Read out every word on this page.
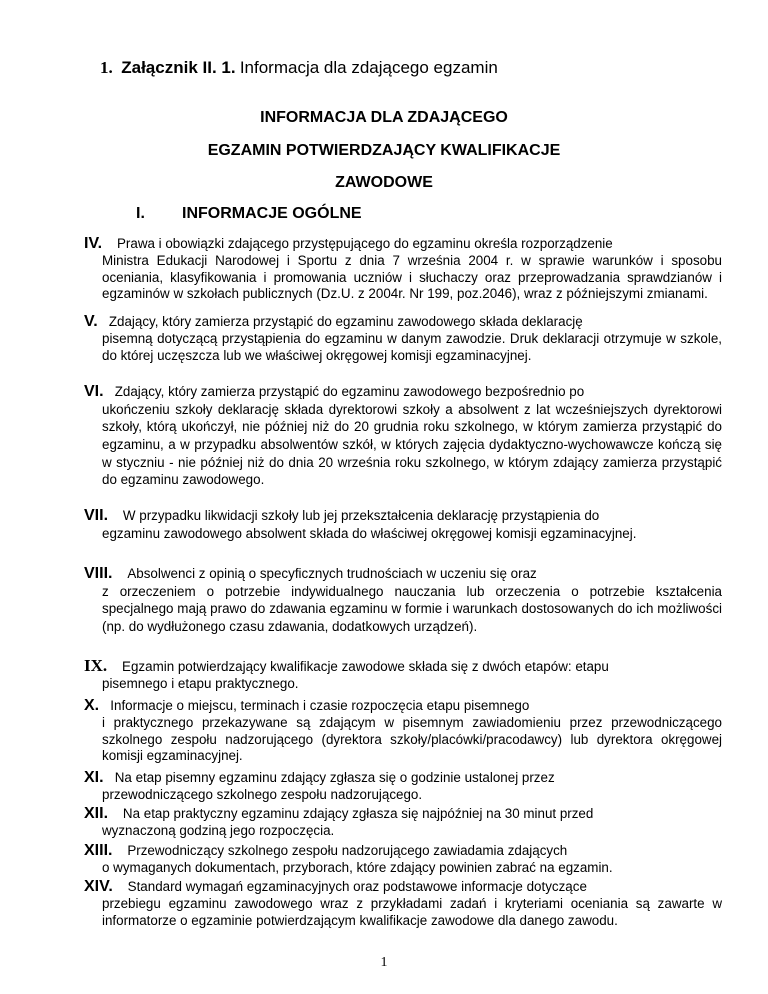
1. Załącznik II. 1. Informacja dla zdającego egzamin
INFORMACJA DLA ZDAJĄCEGO
EGZAMIN POTWIERDZAJĄCY KWALIFIKACJE
ZAWODOWE
I. INFORMACJE OGÓLNE
IV. Prawa i obowiązki zdającego przystępującego do egzaminu określa rozporządzenie
Ministra Edukacji Narodowej i Sportu z dnia 7 września 2004 r. w sprawie warunków i sposobu oceniania, klasyfikowania i promowania uczniów i słuchaczy oraz przeprowadzania sprawdzianów i egzaminów w szkołach publicznych (Dz.U. z 2004r. Nr 199, poz.2046), wraz z późniejszymi zmianami.
V. Zdający, który zamierza przystąpić do egzaminu zawodowego składa deklarację
pisemną dotyczącą przystąpienia do egzaminu w danym zawodzie. Druk deklaracji otrzymuje w szkole, do której uczęszcza lub we właściwej okręgowej komisji egzaminacyjnej.
VI. Zdający, który zamierza przystąpić do egzaminu zawodowego bezpośrednio po
ukończeniu szkoły deklarację składa dyrektorowi szkoły a absolwent z lat wcześniejszych dyrektorowi szkoły, którą ukończył, nie później niż do 20 grudnia roku szkolnego, w którym zamierza przystąpić do egzaminu, a w przypadku absolwentów szkół, w których zajęcia dydaktyczno-wychowawcze kończą się w styczniu - nie później niż do dnia 20 września roku szkolnego, w którym zdający zamierza przystąpić do egzaminu zawodowego.
VII. W przypadku likwidacji szkoły lub jej przekształcenia deklarację przystąpienia do
egzaminu zawodowego absolwent składa do właściwej okręgowej komisji egzaminacyjnej.
VIII. Absolwenci z opinią o specyficznych trudnościach w uczeniu się oraz
z orzeczeniem o potrzebie indywidualnego nauczania lub orzeczenia o potrzebie kształcenia specjalnego mają prawo do zdawania egzaminu w formie i warunkach dostosowanych do ich możliwości (np. do wydłużonego czasu zdawania, dodatkowych urządzeń).
IX. Egzamin potwierdzający kwalifikacje zawodowe składa się z dwóch etapów: etapu
pisemnego i etapu praktycznego.
X. Informacje o miejscu, terminach i czasie rozpoczęcia etapu pisemnego
i praktycznego przekazywane są zdającym w pisemnym zawiadomieniu przez przewodniczącego szkolnego zespołu nadzorującego (dyrektora szkoły/placówki/pracodawcy) lub dyrektora okręgowej komisji egzaminacyjnej.
XI. Na etap pisemny egzaminu zdający zgłasza się o godzinie ustalonej przez
przewodniczącego szkolnego zespołu nadzorującego.
XII. Na etap praktyczny egzaminu zdający zgłasza się najpóźniej na 30 minut przed
wyznaczoną godziną jego rozpoczęcia.
XIII. Przewodniczący szkolnego zespołu nadzorującego zawiadamia zdających
o wymaganych dokumentach, przyborach, które zdający powinien zabrać na egzamin.
XIV. Standard wymagań egzaminacyjnych oraz podstawowe informacje dotyczące
przebiegu egzaminu zawodowego wraz z przykładami zadań i kryteriami oceniania są zawarte w informatorze o egzaminie potwierdzającym kwalifikacje zawodowe dla danego zawodu.
1
